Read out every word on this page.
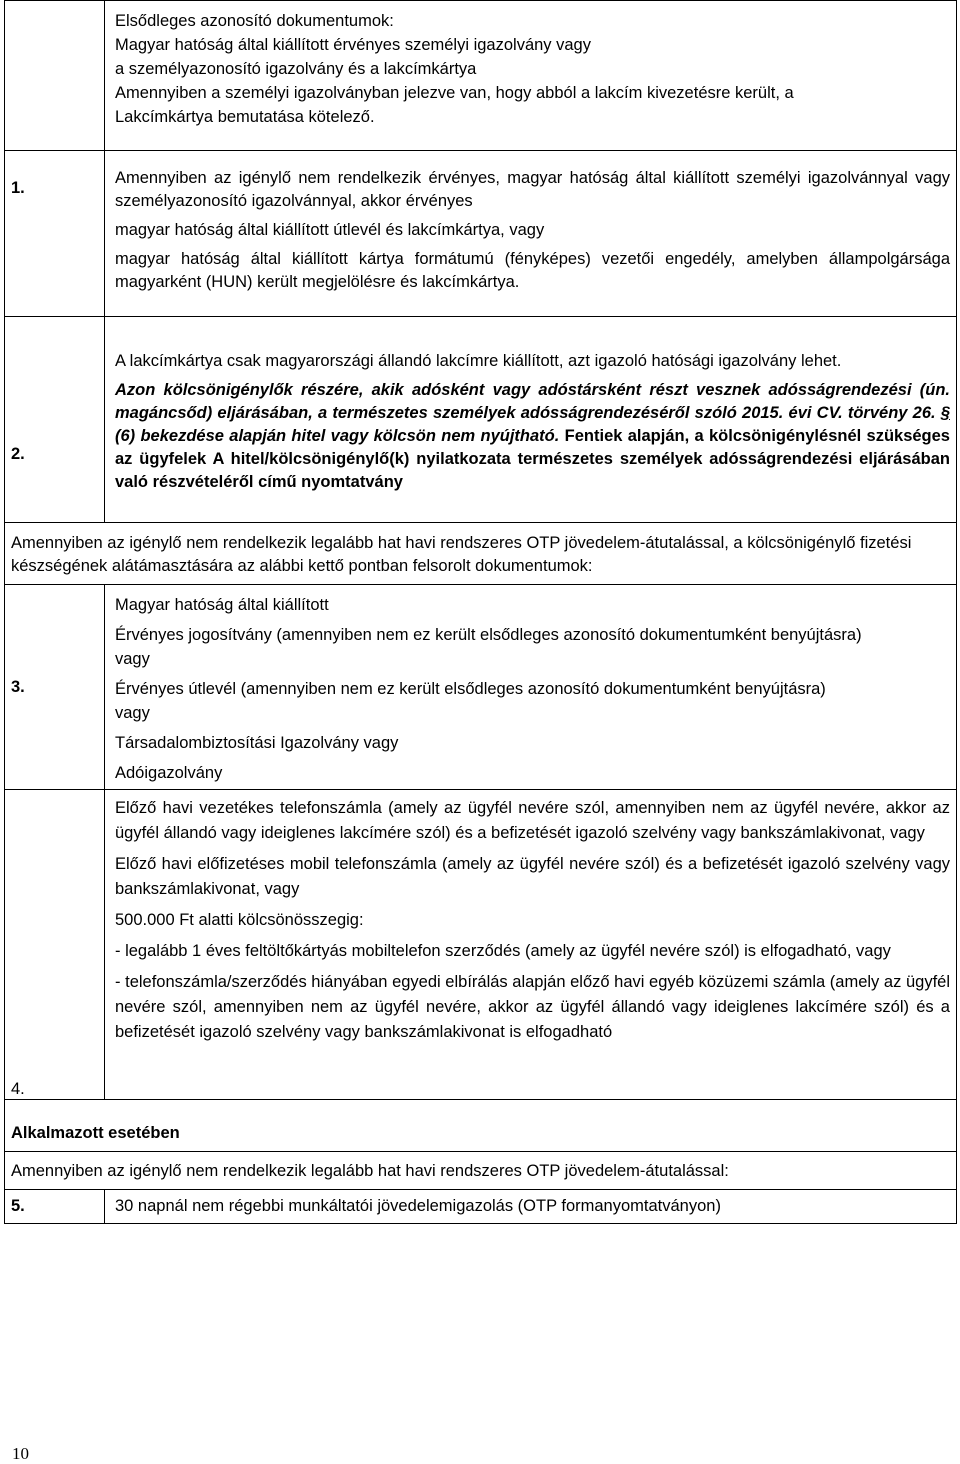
	Elsődleges azonosító dokumentumok:
Magyar hatóság által kiállított érvényes személyi igazolvány vagy
a személyazonosító igazolvány és a lakcímkártya
Amennyiben a személyi igazolványban jelezve van, hogy abból a lakcím kivezetésre került, a
Lakcímkártya bemutatása kötelező.

1.	Amennyiben az igénylő nem rendelkezik érvényes, magyar hatóság által kiállított személyi igazolvánnyal vagy személyazonosító igazolvánnyal, akkor érvényes
magyar hatóság által kiállított útlevél és lakcímkártya, vagy
magyar hatóság által kiállított kártya formátumú (fényképes) vezetői engedély, amelyben állampolgársága magyarként (HUN) került megjelölésre és lakcímkártya.

2.	A lakcímkártya csak magyarországi állandó lakcímre kiállított, azt igazoló hatósági igazolvány lehet.
Azon kölcsönigénylők részére, akik adósként vagy adóstársként részt vesznek adósságrendezési (ún. magáncsőd) eljárásában, a természetes személyek adósságrendezéséről szóló 2015. évi CV. törvény 26. § (6) bekezdése alapján hitel vagy kölcsön nem nyújtható. Fentiek alapján, a kölcsönigénylésnél szükséges az ügyfelek A hitel/kölcsönigénylő(k) nyilatkozata természetes személyek adósságrendezési eljárásában való részvételéről című nyomtatvány

Amennyiben az igénylő nem rendelkezik legalább hat havi rendszeres OTP jövedelem-átutalással, a kölcsönigénylő fizetési készségének alátámasztására az alábbi kettő pontban felsorolt dokumentumok:	
3.	Magyar hatóság által kiállított
Érvényes jogosítvány (amennyiben nem ez került elsődleges azonosító dokumentumként benyújtásra) vagy
Érvényes útlevél (amennyiben nem ez került elsődleges azonosító dokumentumként benyújtásra) vagy
Társadalombiztosítási Igazolvány vagy
Adóigazolvány

4.	Előző havi vezetékes telefonszámla (amely az ügyfél nevére szól, amennyiben nem az ügyfél nevére, akkor az ügyfél állandó vagy ideiglenes lakcímére szól) és a befizetését igazoló szelvény vagy bankszámlakivonat, vagy
Előző havi előfizetéses mobil telefonszámla (amely az ügyfél nevére szól) és a befizetését igazoló szelvény vagy bankszámlakivonat, vagy
500.000 Ft alatti kölcsönösszegig:
- legalább 1 éves feltöltőkártyás mobiltelefon szerződés (amely az ügyfél nevére szól) is elfogadható, vagy
- telefonszámla/szerződés hiányában egyedi elbírálás alapján előző havi egyéb közüzemi számla (amely az ügyfél nevére szól, amennyiben nem az ügyfél nevére, akkor az ügyfél állandó vagy ideiglenes lakcímére szól) és a befizetését igazoló szelvény vagy bankszámlakivonat is elfogadható

Alkalmazott esetében	
Amennyiben az igénylő nem rendelkezik legalább hat havi rendszeres OTP jövedelem-átutalással:	
5.	30 napnál nem régebbi munkáltatói jövedelemigazolás (OTP formanyomtatványon)
10
